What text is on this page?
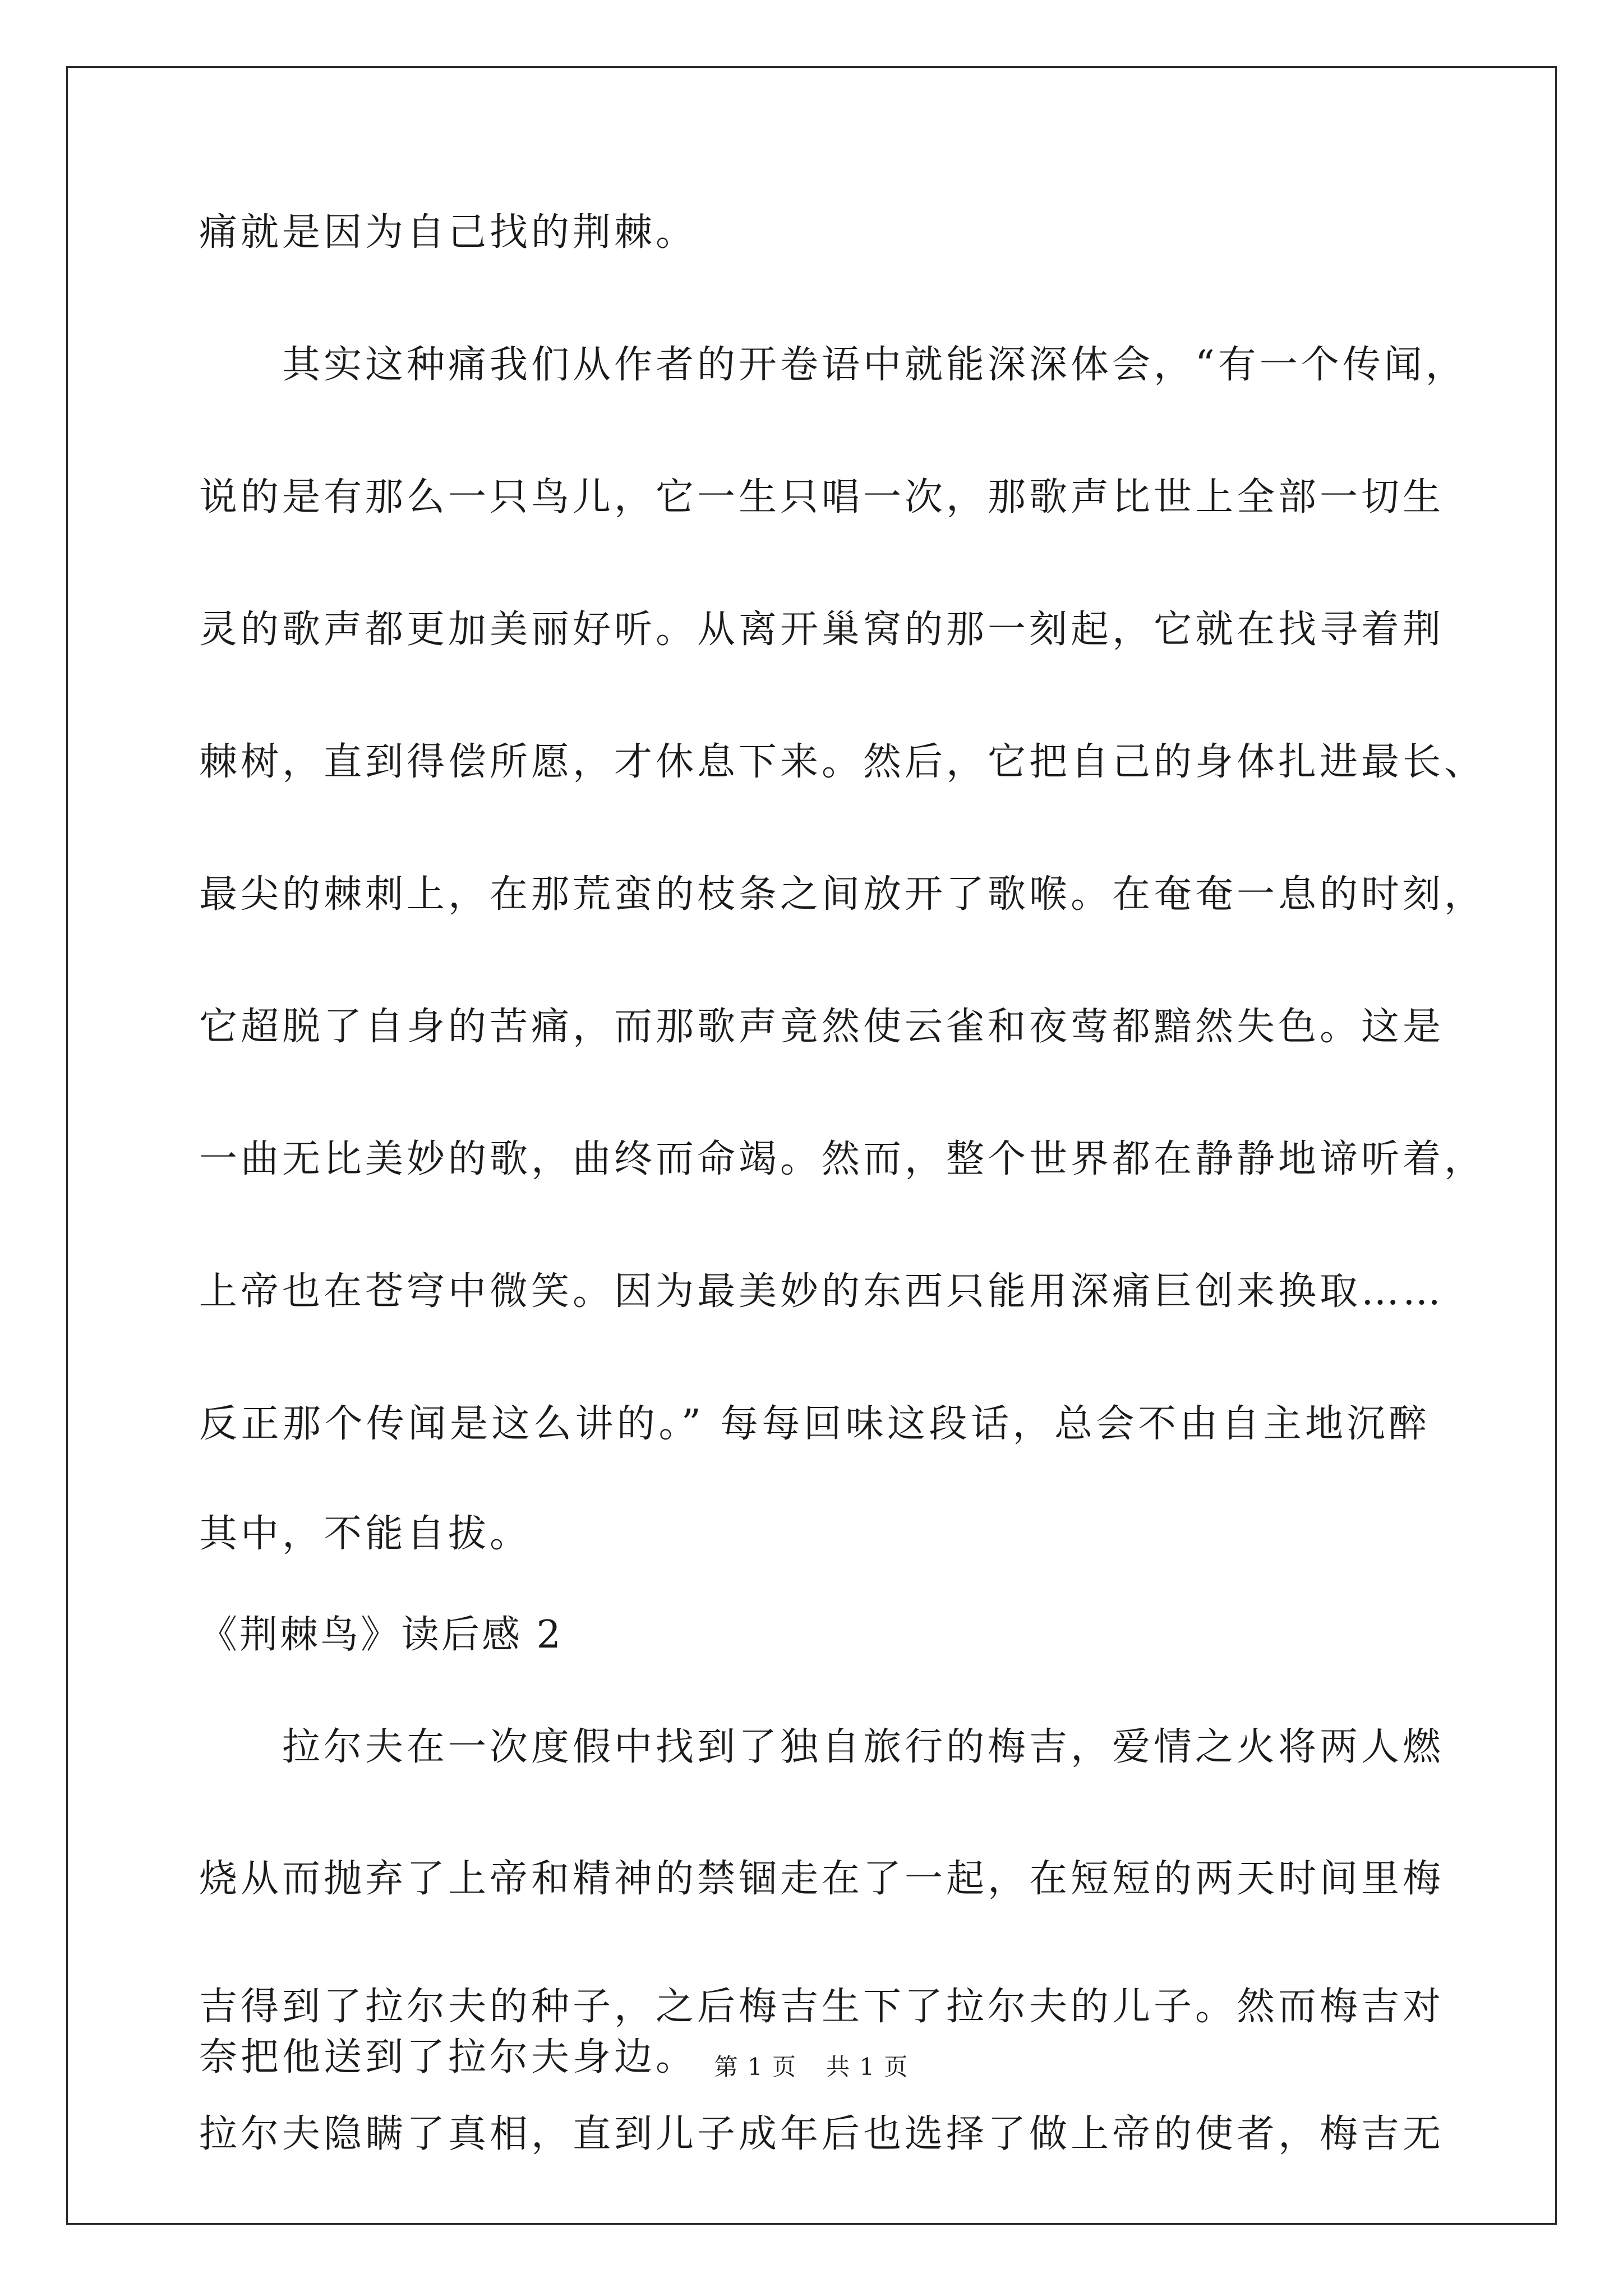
痛就是因为自己找的荆棘。
其实这种痛我们从作者的开卷语中就能深深体会，“有一个传闻，
说的是有那么一只鸟儿，它一生只唱一次，那歌声比世上全部一切生
灵的歌声都更加美丽好听。从离开巢窝的那一刻起，它就在找寻着荆
棘树，直到得偿所愿，才休息下来。然后，它把自己的身体扎进最长、
最尖的棘刺上，在那荒蛮的枝条之间放开了歌喉。在奄奄一息的时刻，
它超脱了自身的苦痛，而那歌声竟然使云雀和夜莺都黯然失色。这是
一曲无比美妙的歌，曲终而命竭。然而，整个世界都在静静地谛听着，
上帝也在苍穹中微笑。因为最美妙的东西只能用深痛巨创来换取……
反正那个传闻是这么讲的。” 每每回味这段话，总会不由自主地沉醉
其中，不能自拔。
《荆棘鸟》读后感 2
拉尔夫在一次度假中找到了独自旅行的梅吉，爱情之火将两人燃
烧从而抛弃了上帝和精神的禁锢走在了一起，在短短的两天时间里梅
吉得到了拉尔夫的种子，之后梅吉生下了拉尔夫的儿子。然而梅吉对
拉尔夫隐瞒了真相，直到儿子成年后也选择了做上帝的使者，梅吉无
奈把他送到了拉尔夫身边。 第 1 页 共 1 页
